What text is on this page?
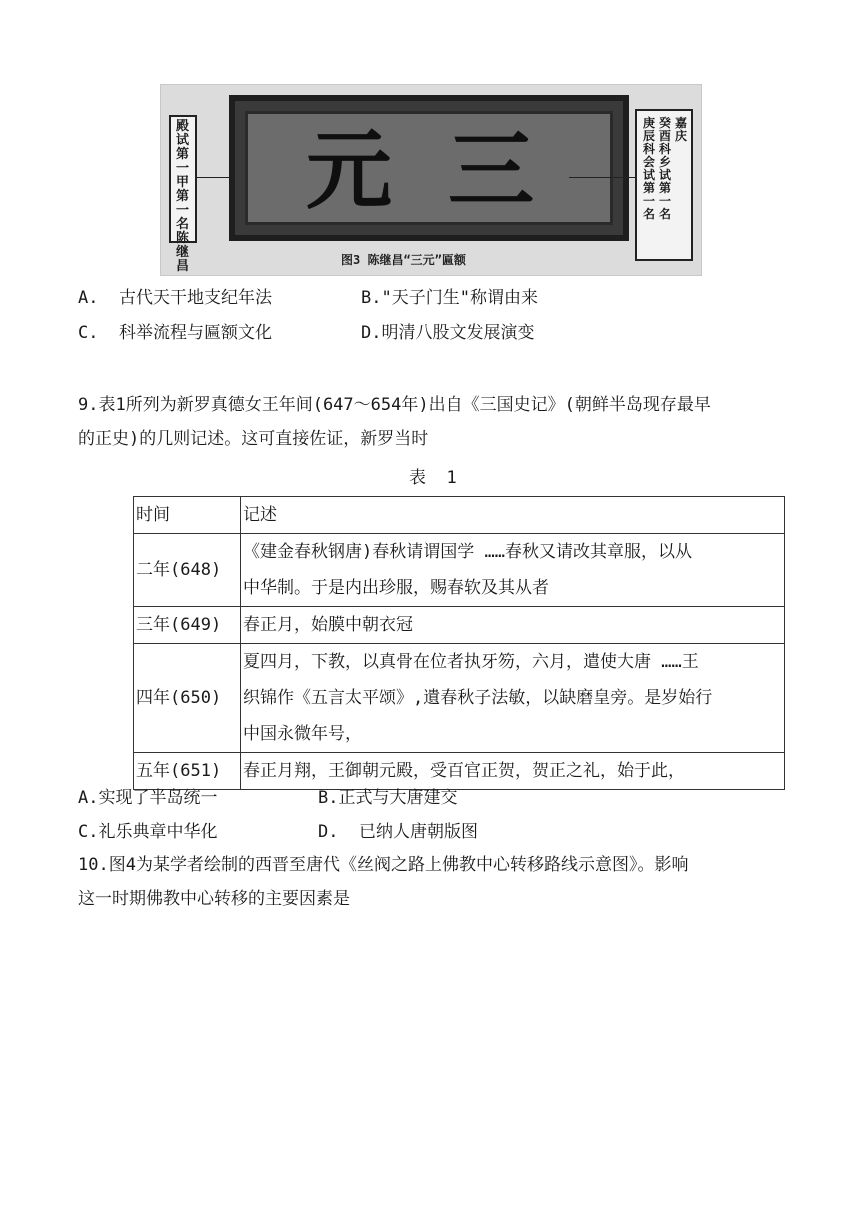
殿试第一甲第一名陈继昌

元 三	嘉庆
癸酉科乡试第一名
庚辰科会试第一名
图3 陈继昌“三元”匾额
A.  古代天干地支纪年法	B."天子门生"称谓由来
C.  科举流程与匾额文化	D.明清八股文发展演变
9.表1所列为新罗真德女王年间(647～654年)出自《三国史记》(朝鲜半岛现存最早
的正史)的几则记述。这可直接佐证，新罗当时
表  1
时间	记述
二年(648)	《建金春秋钢唐)春秋请谓国学 ……春秋又请改其章服，以从
中华制。于是内出珍服，赐春软及其从者

三年(649)	春正月，始膜中朝衣冠

四年(650)	夏四月，下教，以真骨在位者执牙笏，六月，遣使大唐 ……王
织锦作《五言太平颂》,遺春秋子法敏，以缺磨皇旁。是岁始行
中国永微年号，

五年(651)	春正月翔，王御朝元殿，受百官正贺，贺正之礼，始于此，
A.实现了半岛统一	B.正式与大唐建交
C.礼乐典章中华化	D.  已纳人唐朝版图
10.图4为某学者绘制的西晋至唐代《丝阀之路上佛教中心转移路线示意图》。影响
这一时期佛教中心转移的主要因素是
